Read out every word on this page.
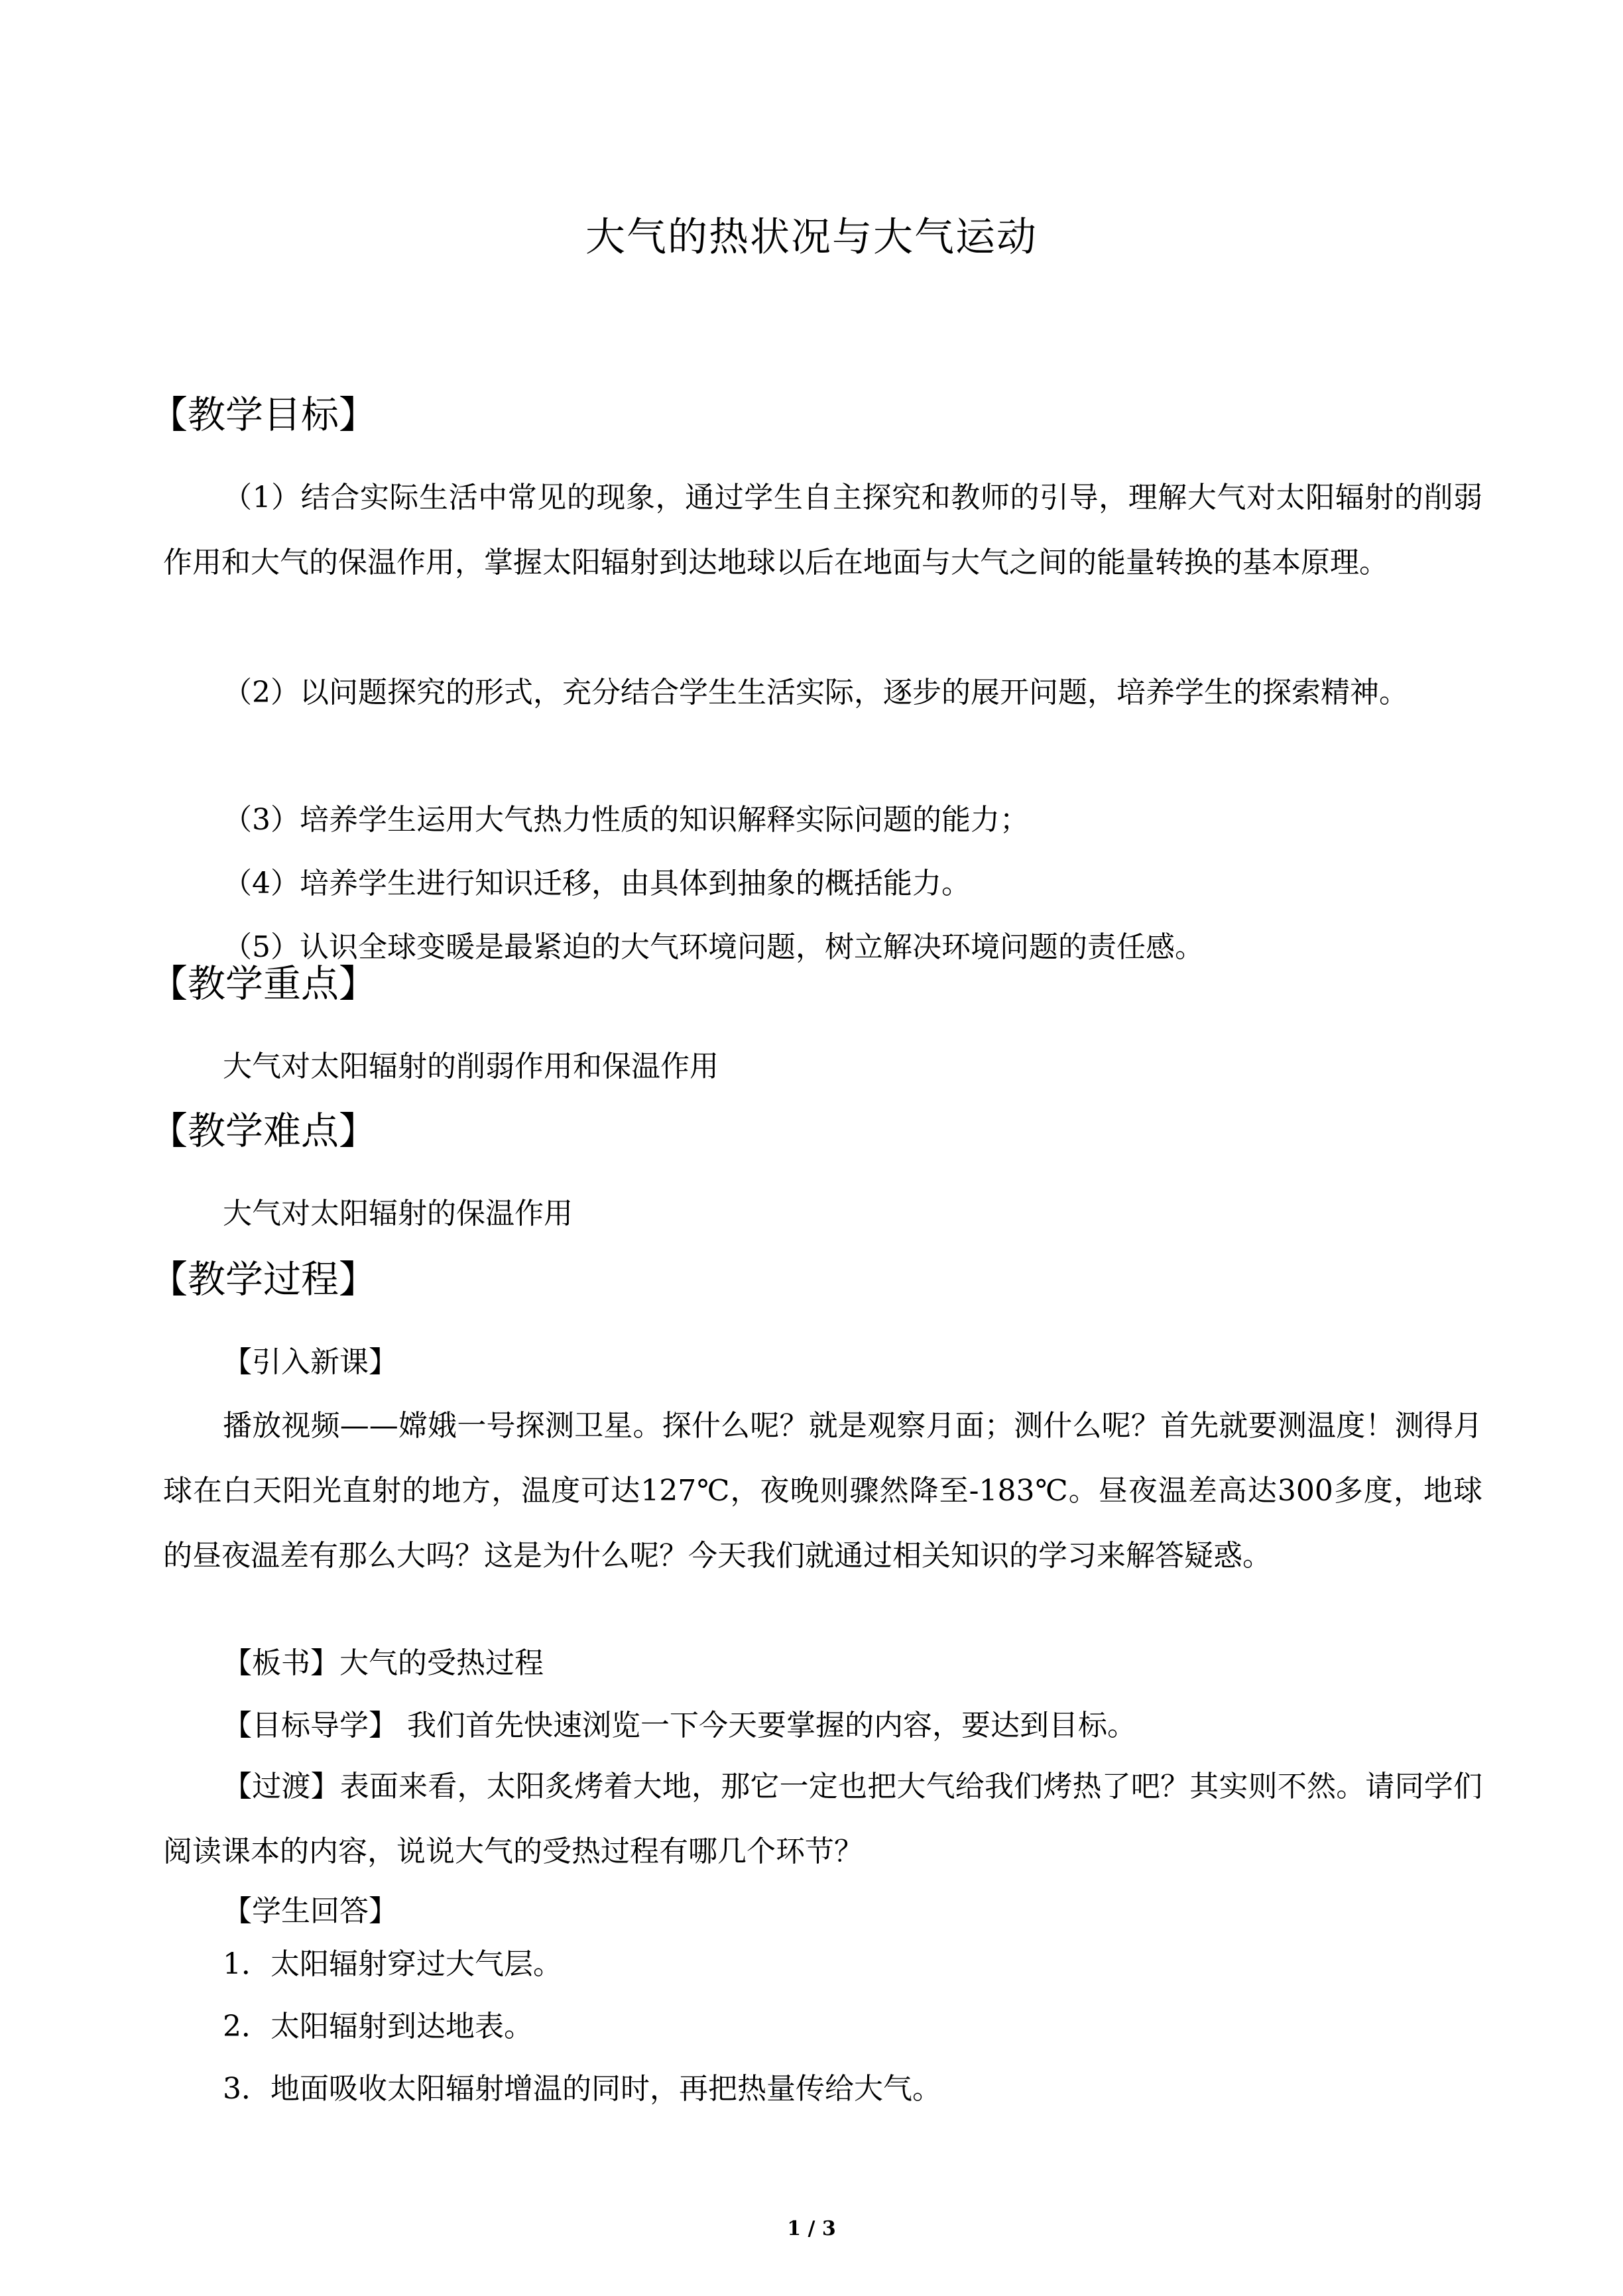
大气的热状况与大气运动
【教学目标】
（1）结合实际生活中常见的现象，通过学生自主探究和教师的引导，理解大气对太阳辐射的削弱作用和大气的保温作用，掌握太阳辐射到达地球以后在地面与大气之间的能量转换的基本原理。
（2）以问题探究的形式，充分结合学生生活实际，逐步的展开问题，培养学生的探索精神。
（3）培养学生运用大气热力性质的知识解释实际问题的能力；
（4）培养学生进行知识迁移，由具体到抽象的概括能力。
（5）认识全球变暖是最紧迫的大气环境问题，树立解决环境问题的责任感。
【教学重点】
大气对太阳辐射的削弱作用和保温作用
【教学难点】
大气对太阳辐射的保温作用
【教学过程】
【引入新课】
播放视频——嫦娥一号探测卫星。探什么呢？就是观察月面；测什么呢？首先就要测温度！测得月球在白天阳光直射的地方，温度可达127℃，夜晚则骤然降至-183℃。昼夜温差高达300多度，地球的昼夜温差有那么大吗？这是为什么呢？今天我们就通过相关知识的学习来解答疑惑。
【板书】大气的受热过程
【目标导学】 我们首先快速浏览一下今天要掌握的内容，要达到目标。
【过渡】表面来看，太阳炙烤着大地，那它一定也把大气给我们烤热了吧？其实则不然。请同学们阅读课本的内容，说说大气的受热过程有哪几个环节？
【学生回答】
1．太阳辐射穿过大气层。
2．太阳辐射到达地表。
3．地面吸收太阳辐射增温的同时，再把热量传给大气。
1 / 3
